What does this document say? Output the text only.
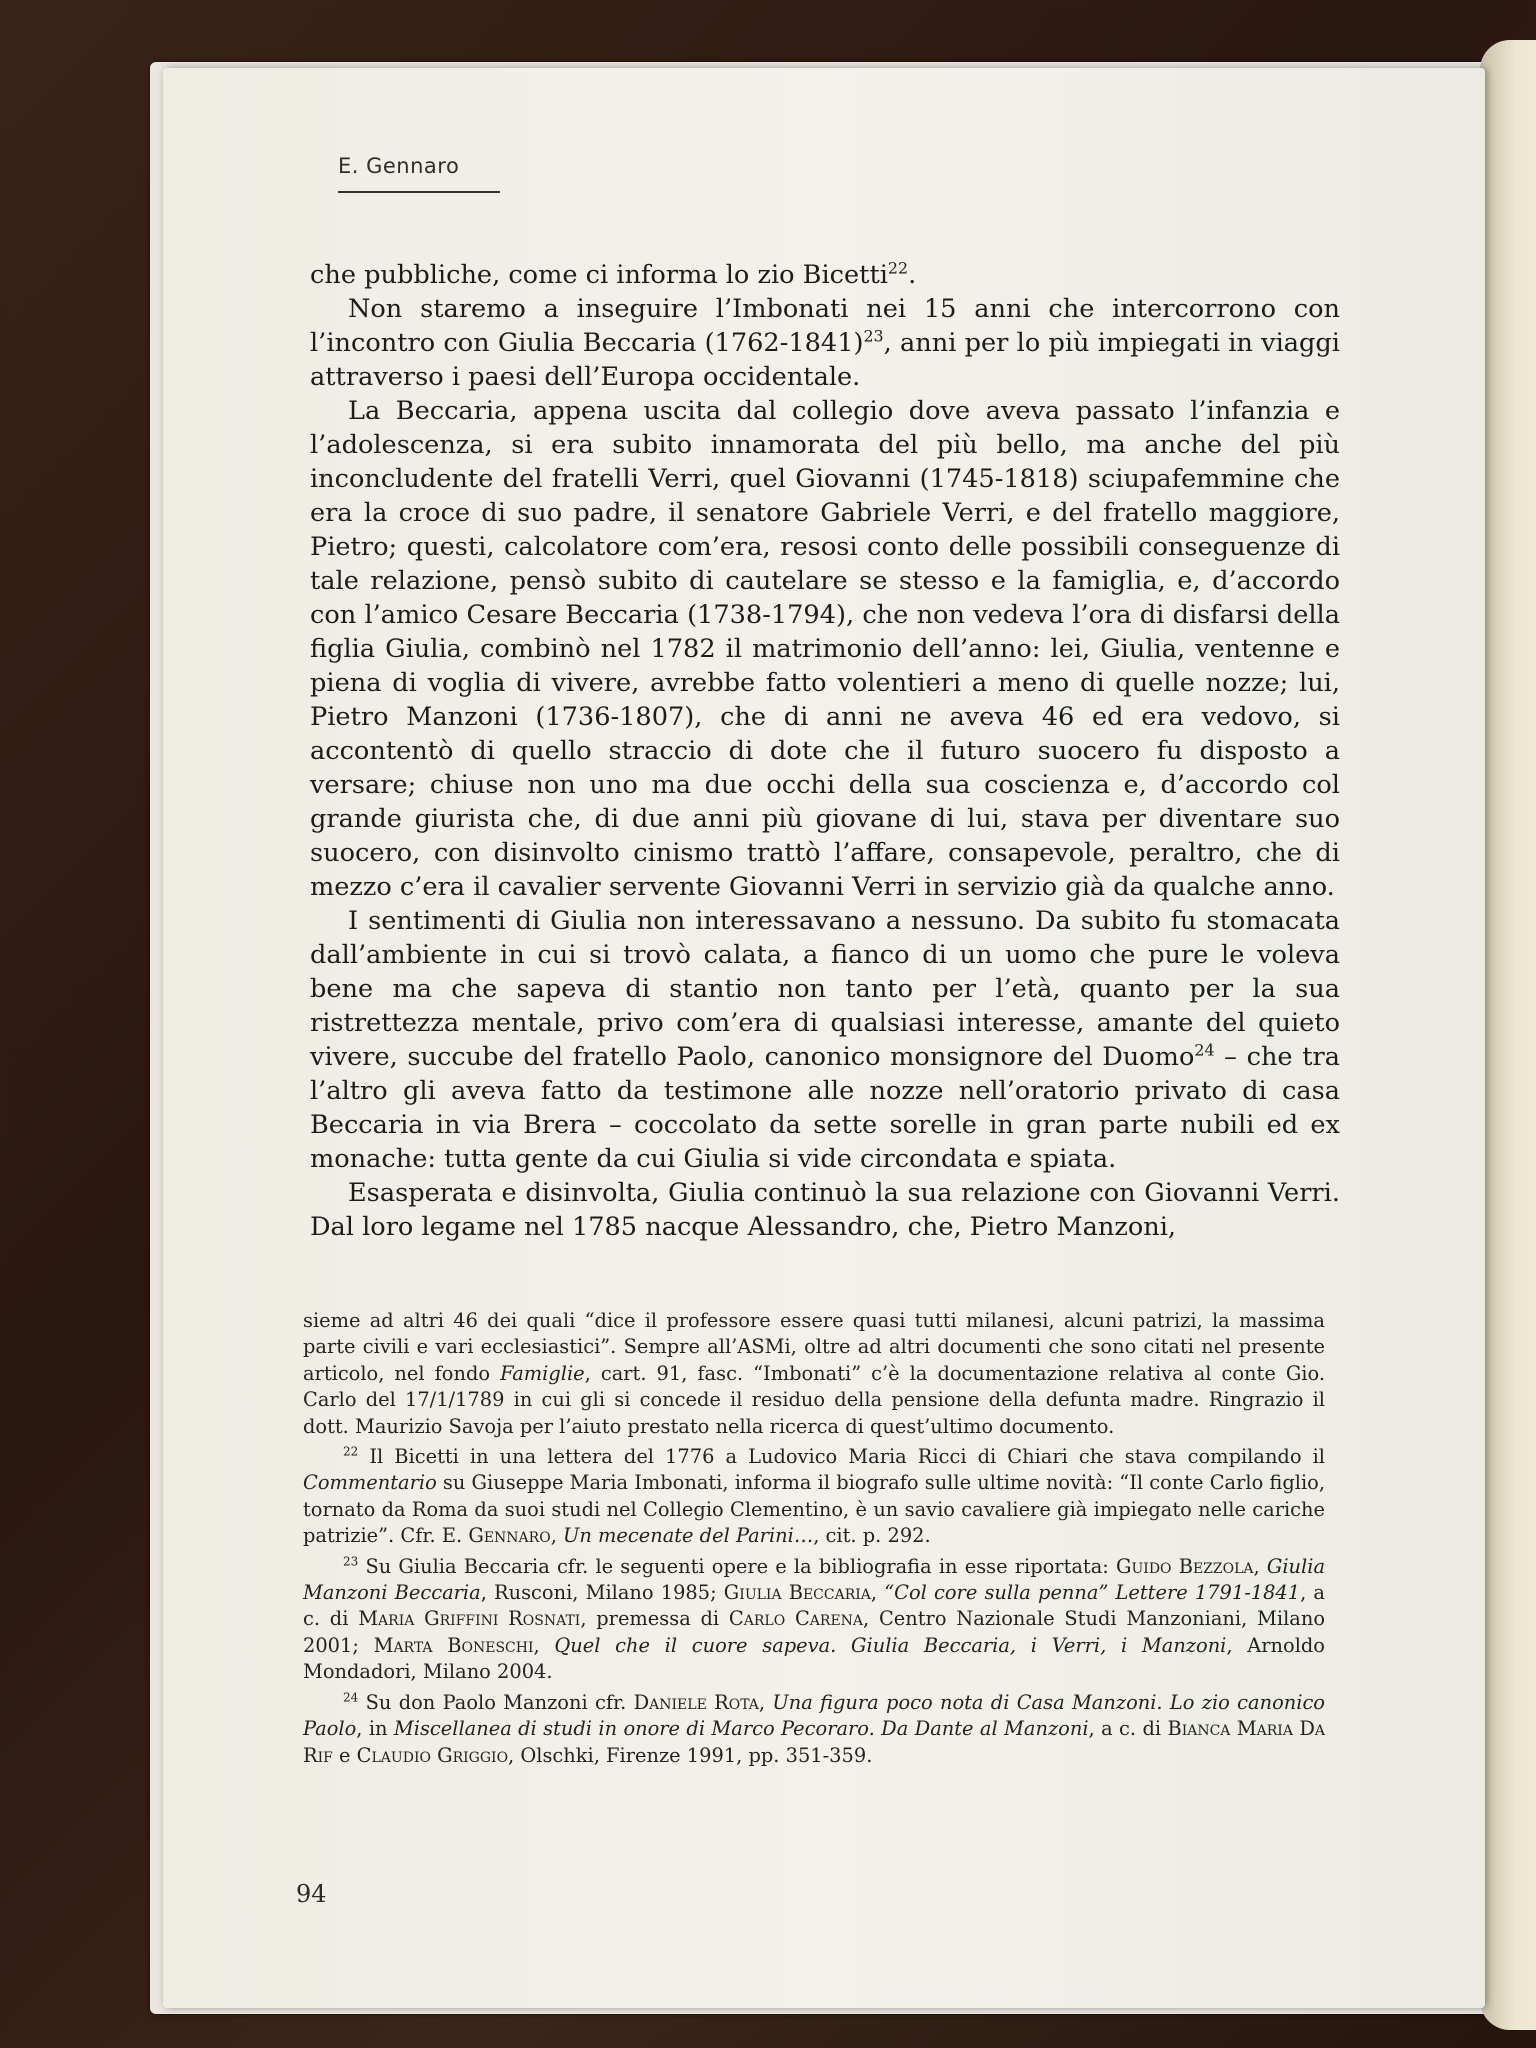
E. Gennaro

che pubbliche, come ci informa lo zio Bicetti$^{22}$.

Non staremo a inseguire l’Imbonati nei 15 anni che intercorrono con l’incontro con Giulia Beccaria (1762-1841)$^{23}$, anni per lo più impiegati in viaggi attraverso i paesi dell’Europa occidentale.

La Beccaria, appena uscita dal collegio dove aveva passato l’infanzia e l’adolescenza, si era subito innamorata del più bello, ma anche del più inconcludente del fratelli Verri, quel Giovanni (1745-1818) sciupafemmine che era la croce di suo padre, il senatore Gabriele Verri, e del fratello maggiore, Pietro; questi, calcolatore com’era, resosi conto delle possibili conseguenze di tale relazione, pensò subito di cautelare se stesso e la famiglia, e, d’accordo con l’amico Cesare Beccaria (1738-1794), che non vedeva l’ora di disfarsi della figlia Giulia, combinò nel 1782 il matrimonio dell’anno: lei, Giulia, ventenne e piena di voglia di vivere, avrebbe fatto volentieri a meno di quelle nozze; lui, Pietro Manzoni (1736-1807), che di anni ne aveva 46 ed era vedovo, si accontentò di quello straccio di dote che il futuro suocero fu disposto a versare; chiuse non uno ma due occhi della sua coscienza e, d’accordo col grande giurista che, di due anni più giovane di lui, stava per diventare suo suocero, con disinvolto cinismo trattò l’affare, consapevole, peraltro, che di mezzo c’era il cavalier servente Giovanni Verri in servizio già da qualche anno.

I sentimenti di Giulia non interessavano a nessuno. Da subito fu stomacata dall’ambiente in cui si trovò calata, a fianco di un uomo che pure le voleva bene ma che sapeva di stantio non tanto per l’età, quanto per la sua ristrettezza mentale, privo com’era di qualsiasi interesse, amante del quieto vivere, succube del fratello Paolo, canonico monsignore del Duomo$^{24}$ – che tra l’altro gli aveva fatto da testimone alle nozze nell’oratorio privato di casa Beccaria in via Brera – coccolato da sette sorelle in gran parte nubili ed ex monache: tutta gente da cui Giulia si vide circondata e spiata.

Esasperata e disinvolta, Giulia continuò la sua relazione con Giovanni Verri. Dal loro legame nel 1785 nacque Alessandro, che, Pietro Manzoni,

sieme ad altri 46 dei quali “dice il professore essere quasi tutti milanesi, alcuni patrizi, la massima parte civili e vari ecclesiastici”. Sempre all’ASMi, oltre ad altri documenti che sono citati nel presente articolo, nel fondo Famiglie, cart. 91, fasc. “Imbonati” c’è la documentazione relativa al conte Gio. Carlo del 17/1/1789 in cui gli si concede il residuo della pensione della defunta madre. Ringrazio il dott. Maurizio Savoja per l’aiuto prestato nella ricerca di quest’ultimo documento.

$^{22}$ Il Bicetti in una lettera del 1776 a Ludovico Maria Ricci di Chiari che stava compilando il Commentario su Giuseppe Maria Imbonati, informa il biografo sulle ultime novità: “Il conte Carlo figlio, tornato da Roma da suoi studi nel Collegio Clementino, è un savio cavaliere già impiegato nelle cariche patrizie”. Cfr. E. Gennaro, Un mecenate del Parini…, cit. p. 292.

$^{23}$ Su Giulia Beccaria cfr. le seguenti opere e la bibliografia in esse riportata: Guido Bezzola, Giulia Manzoni Beccaria, Rusconi, Milano 1985; Giulia Beccaria, “Col core sulla penna” Lettere 1791-1841, a c. di Maria Griffini Rosnati, premessa di Carlo Carena, Centro Nazionale Studi Manzoniani, Milano 2001; Marta Boneschi, Quel che il cuore sapeva. Giulia Beccaria, i Verri, i Manzoni, Arnoldo Mondadori, Milano 2004.

$^{24}$ Su don Paolo Manzoni cfr. Daniele Rota, Una figura poco nota di Casa Manzoni. Lo zio canonico Paolo, in Miscellanea di studi in onore di Marco Pecoraro. Da Dante al Manzoni, a c. di Bianca Maria Da Rif e Claudio Griggio, Olschki, Firenze 1991, pp. 351-359.

94
